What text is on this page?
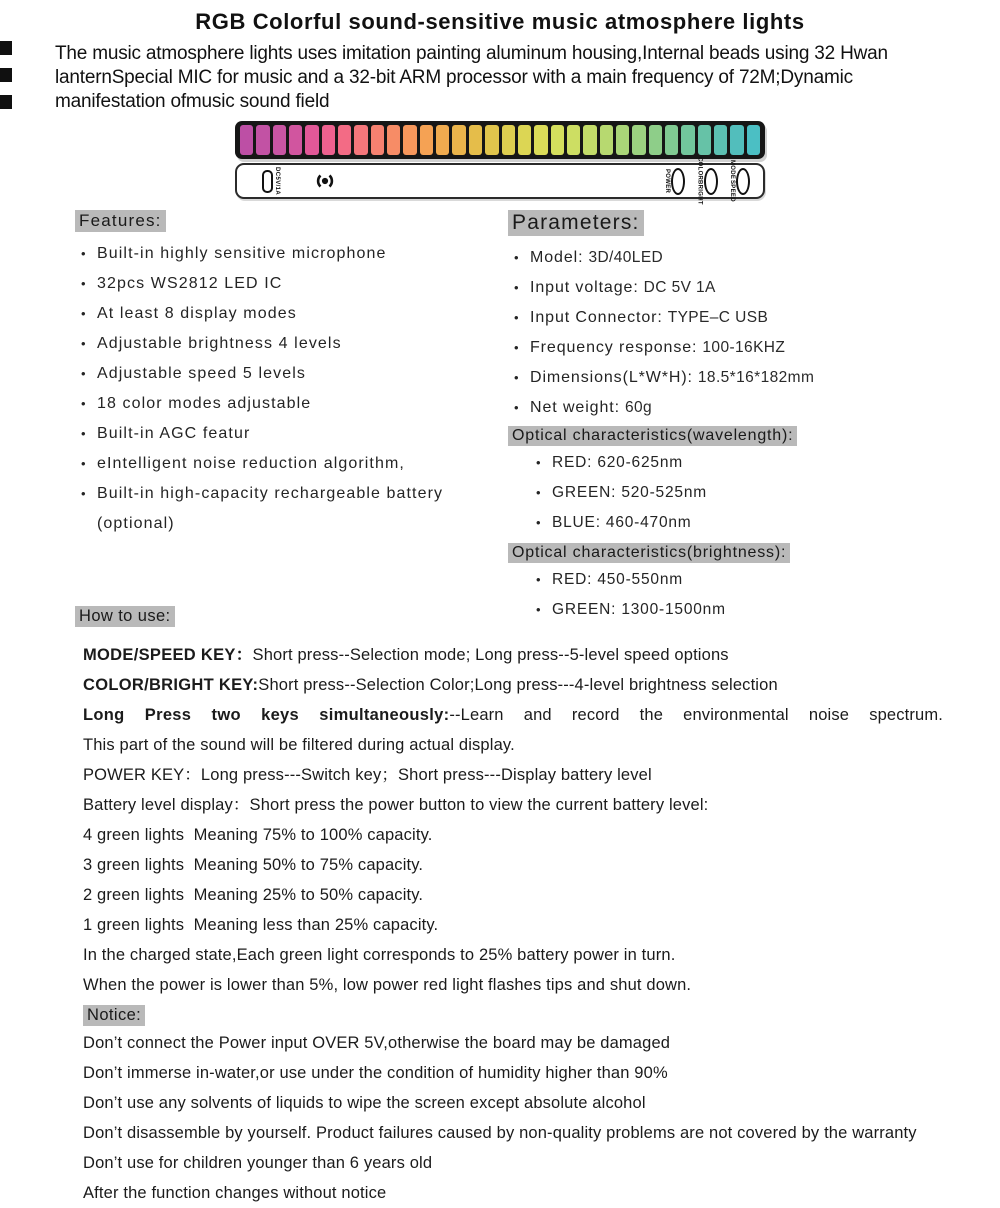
RGB Colorful sound-sensitive music atmosphere lights

The music atmosphere lights uses imitation painting aluminum housing,Internal beads using 32 Hwan lanternSpecial MIC for music and a 32-bit ARM processor with a main frequency of 72M;Dynamic manifestation ofmusic sound field

DC5V/1A	POWER
COLOR
BRIGHT
MODE
SPEED
Features:
• Built-in highly sensitive microphone
• 32pcs WS2812 LED IC
• At least 8 display modes
• Adjustable brightness 4 levels
• Adjustable speed 5 levels
• 18 color modes adjustable
• Built-in AGC featur
• eIntelligent noise reduction algorithm,
• Built-in high-capacity rechargeable battery (optional)
How to use:
Parameters:
• Model: 3D/40LED
• Input voltage: DC 5V 1A
• Input Connector: TYPE–C USB
• Frequency response: 100-16KHZ
• Dimensions(L*W*H): 18.5*16*182mm
• Net weight: 60g
Optical characteristics(wavelength):
• RED: 620-625nm
• GREEN: 520-525nm
• BLUE: 460-470nm
Optical characteristics(brightness):
• RED: 450-550nm
• GREEN: 1300-1500nm

MODE/SPEED KEY：Short press--Selection mode; Long press--5-level speed options

COLOR/BRIGHT KEY:Short press--Selection Color;Long press---4-level brightness selection

Long Press two keys simultaneously:--Learn and record the environmental noise spectrum.

This part of the sound will be filtered during actual display.

POWER KEY：Long press---Switch key；Short press---Display battery level

Battery level display：Short press the power button to view the current battery level:

4 green lights  Meaning 75% to 100% capacity.

3 green lights  Meaning 50% to 75% capacity.

2 green lights  Meaning 25% to 50% capacity.

1 green lights  Meaning less than 25% capacity.

In the charged state,Each green light corresponds to 25% battery power in turn.

When the power is lower than 5%, low power red light flashes tips and shut down.

Notice:

Don’t connect the Power input OVER 5V,otherwise the board may be damaged

Don’t immerse in-water,or use under the condition of humidity higher than 90%

Don’t use any solvents of liquids to wipe the screen except absolute alcohol

Don’t disassemble by yourself. Product failures caused by non-quality problems are not covered by the warranty

Don’t use for children younger than 6 years old

After the function changes without notice
